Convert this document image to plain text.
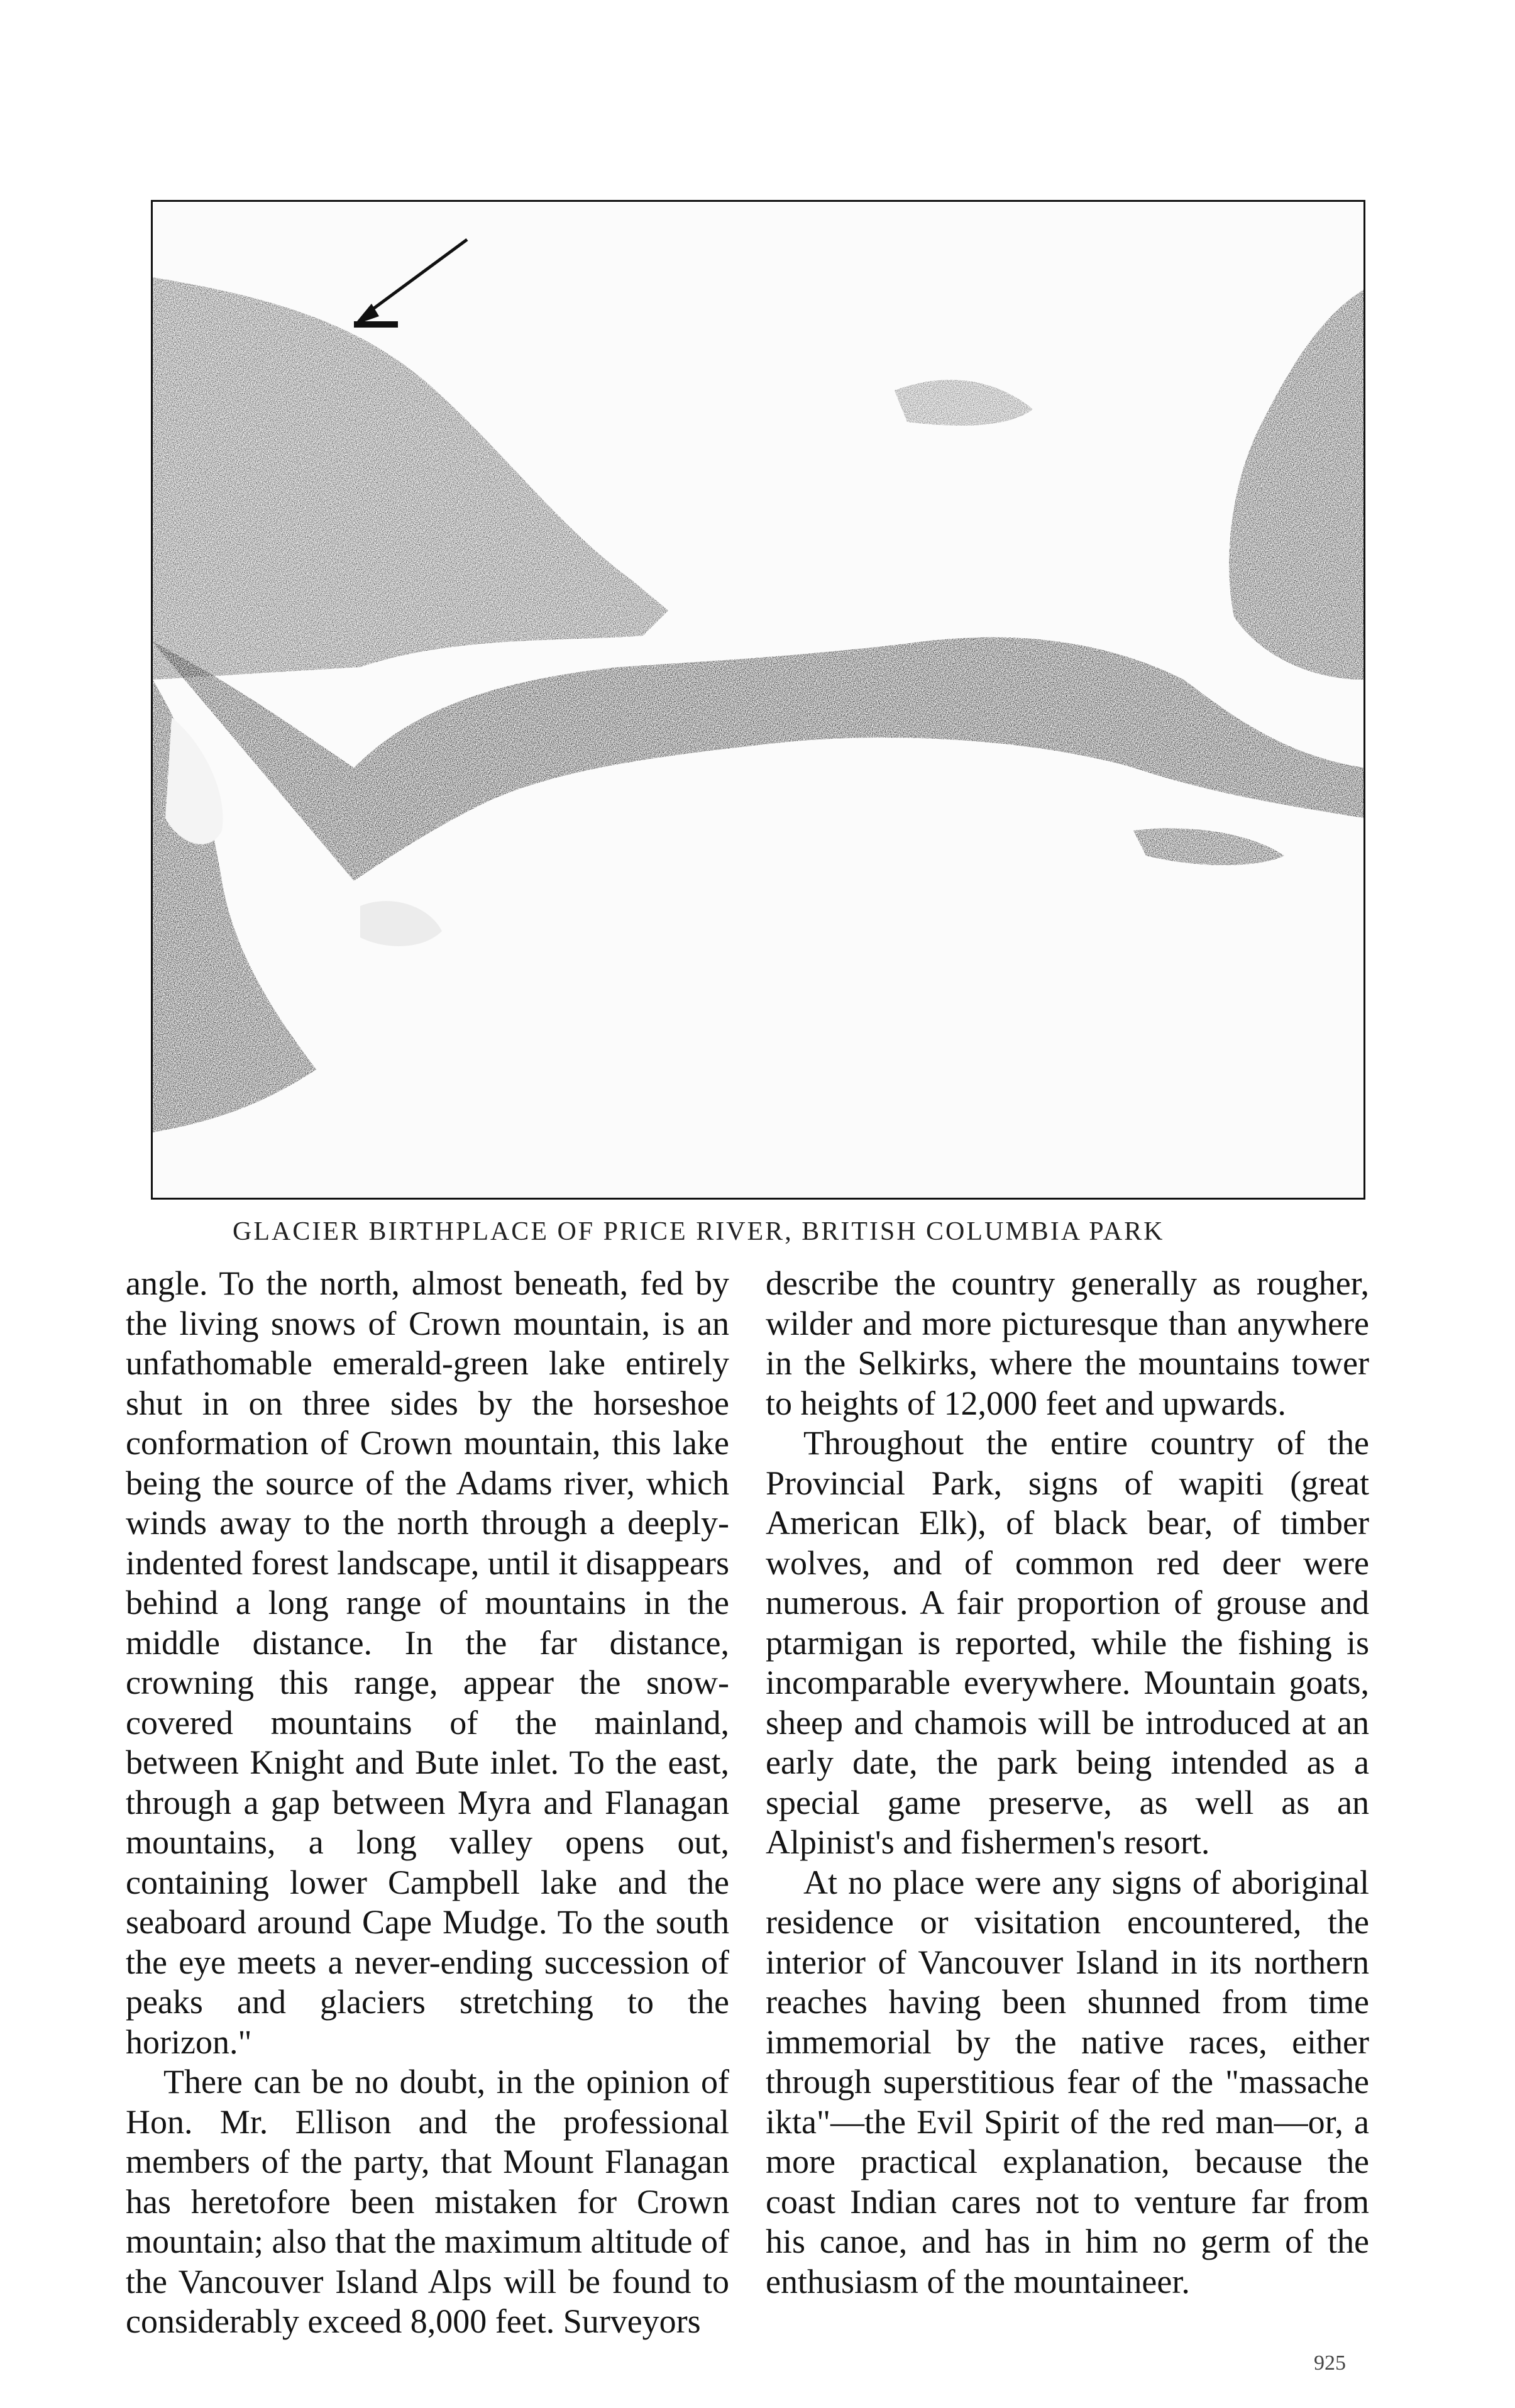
GLACIER BIRTHPLACE OF PRICE RIVER, BRITISH COLUMBIA PARK

angle. To the north, almost beneath, fed by the living snows of Crown mountain, is an unfathomable emerald-green lake entirely shut in on three sides by the horseshoe conformation of Crown mountain, this lake being the source of the Adams river, which winds away to the north through a deeply-indented forest landscape, until it disappears behind a long range of mountains in the middle distance. In the far distance, crowning this range, appear the snow-covered mountains of the mainland, between Knight and Bute inlet. To the east, through a gap between Myra and Flanagan mountains, a long valley opens out, containing lower Campbell lake and the seaboard around Cape Mudge. To the south the eye meets a never-ending succession of peaks and glaciers stretching to the horizon."

There can be no doubt, in the opinion of Hon. Mr. Ellison and the professional members of the party, that Mount Flanagan has heretofore been mistaken for Crown mountain; also that the maximum altitude of the Vancouver Island Alps will be found to considerably exceed 8,000 feet. Surveyors

describe the country generally as rougher, wilder and more picturesque than anywhere in the Selkirks, where the mountains tower to heights of 12,000 feet and upwards.

Throughout the entire country of the Provincial Park, signs of wapiti (great American Elk), of black bear, of timber wolves, and of common red deer were numerous. A fair proportion of grouse and ptarmigan is reported, while the fishing is incomparable everywhere. Mountain goats, sheep and chamois will be introduced at an early date, the park being intended as a special game preserve, as well as an Alpinist's and fishermen's resort.

At no place were any signs of aboriginal residence or visitation encountered, the interior of Vancouver Island in its northern reaches having been shunned from time immemorial by the native races, either through superstitious fear of the "massache ikta"—the Evil Spirit of the red man—or, a more practical explanation, because the coast Indian cares not to venture far from his canoe, and has in him no germ of the enthusiasm of the mountaineer.

925
